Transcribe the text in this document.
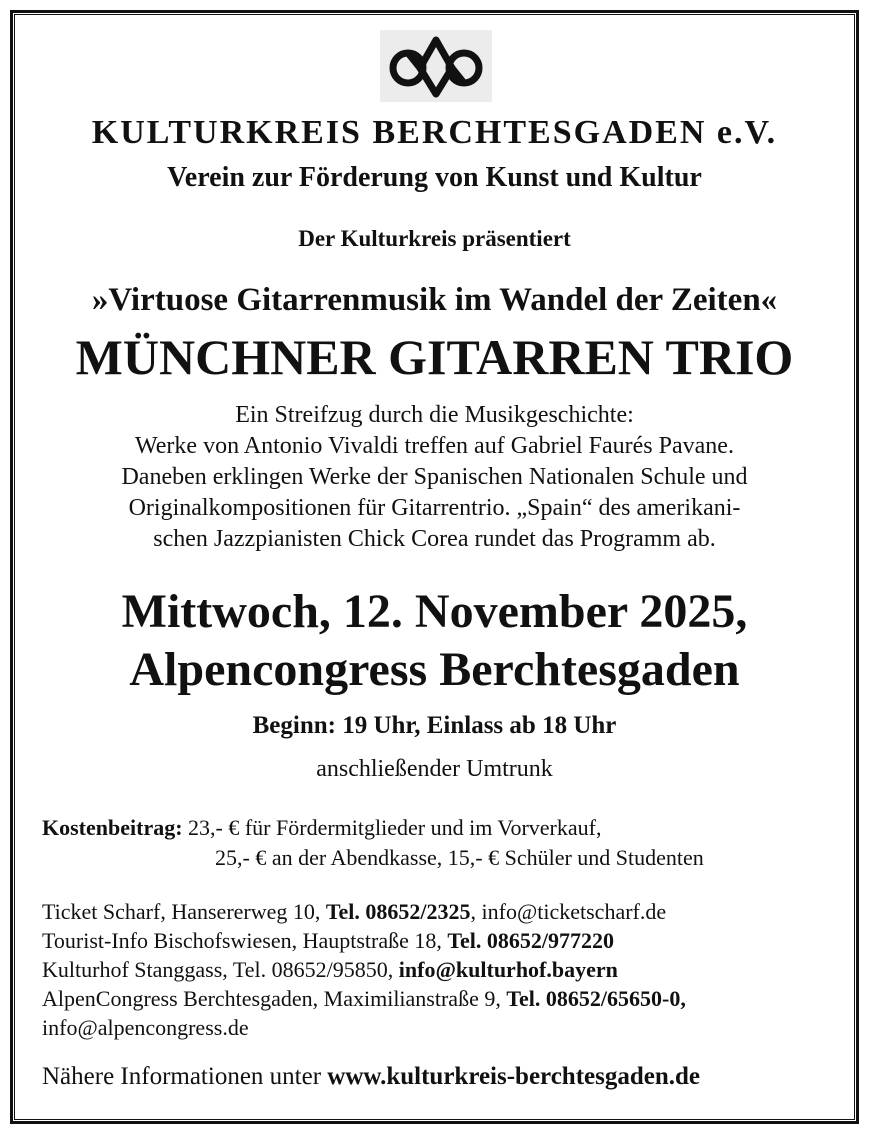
KULTURKREIS BERCHTESGADEN e.V.
Verein zur Förderung von Kunst und Kultur
Der Kulturkreis präsentiert
»Virtuose Gitarrenmusik im Wandel der Zeiten«
MÜNCHNER GITARREN TRIO
Ein Streifzug durch die Musikgeschichte:
Werke von Antonio Vivaldi treffen auf Gabriel Faurés Pavane.
Daneben erklingen Werke der Spanischen Nationalen Schule und
Originalkompositionen für Gitarrentrio. „Spain“ des amerikani-
schen Jazzpianisten Chick Corea rundet das Programm ab.
Mittwoch, 12. November 2025,
Alpencongress Berchtesgaden
Beginn: 19 Uhr, Einlass ab 18 Uhr
anschließender Umtrunk
Kostenbeitrag: 23,- € für Fördermitglieder und im Vorverkauf,
25,- € an der Abendkasse, 15,- € Schüler und Studenten
Ticket Scharf, Hansererweg 10, Tel. 08652/2325, info@ticketscharf.de
Tourist-Info Bischofswiesen, Hauptstraße 18, Tel. 08652/977220
Kulturhof Stanggass, Tel. 08652/95850, info@kulturhof.bayern
AlpenCongress Berchtesgaden, Maximilianstraße 9, Tel. 08652/65650-0,
info@alpencongress.de
Nähere Informationen unter www.kulturkreis-berchtesgaden.de
